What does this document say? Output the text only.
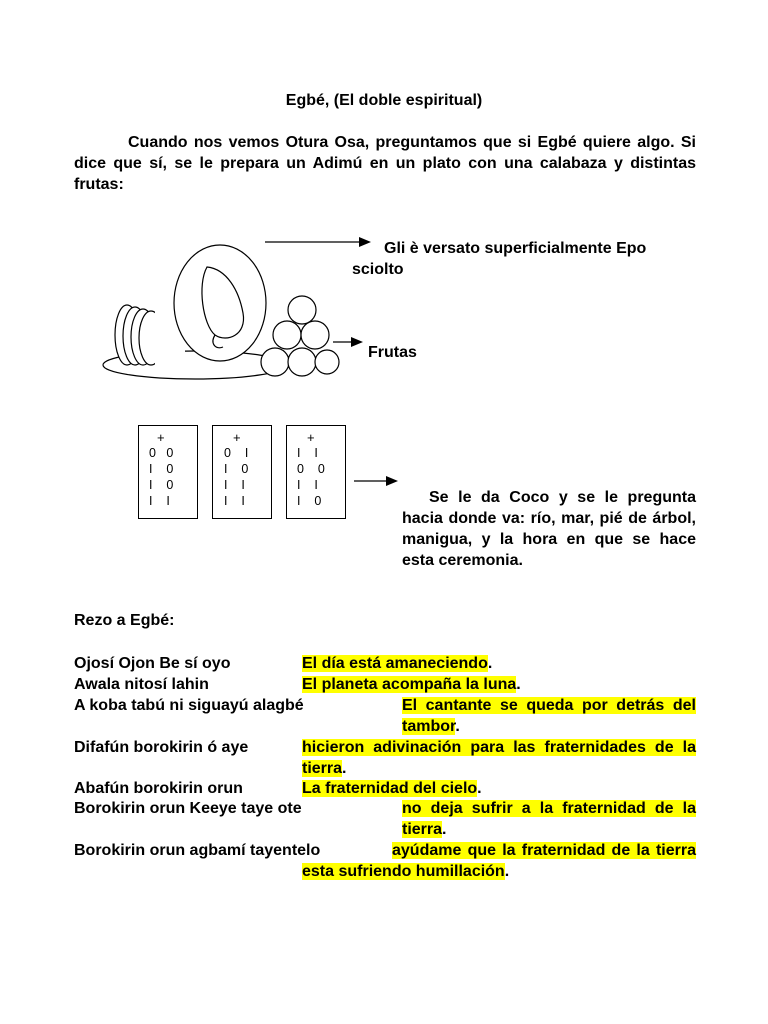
Egbé, (El doble espiritual)
Cuando nos vemos Otura Osa, preguntamos que si Egbé quiere algo. Si dice que sí, se le prepara un Adimú en un plato con una calabaza y distintas frutas:
Gli è versato superficialmente Epo
sciolto
Frutas
+
0   0
I    0
I    0
I    I
+
0    I
I    0
I    I
I    I
+
I    I
0    0
I    I
I    0	Se le da Coco y se le pregunta hacia donde va: río, mar, pié de árbol, manigua, y la hora en que se hace esta ceremonia.
Rezo a Egbé:
Ojosí Ojon Be sí oyo	El día está amaneciendo.
Awala nitosí lahin	El planeta acompaña la luna.
A koba tabú ni siguayú alagbé	El cantante se queda por detrás del tambor.
Difafún borokirin ó aye	hicieron adivinación para las fraternidades de la tierra.
Abafún borokirin orun	La fraternidad del cielo.
Borokirin orun Keeye taye ote	no deja sufrir a la fraternidad de la tierra.
Borokirin orun agbamí tayentelo	ayúdame que la fraternidad de la tierra esta sufriendo humillación.
